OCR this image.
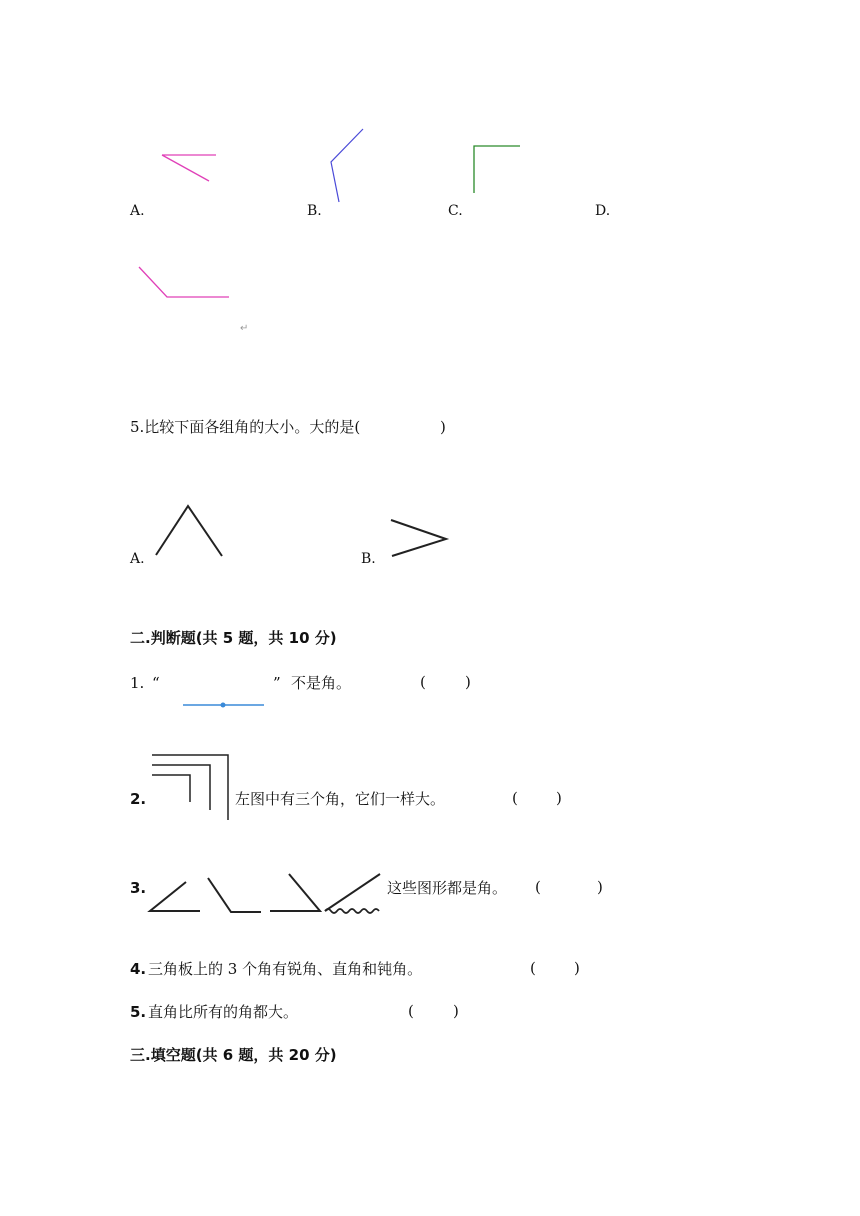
A.	B.	C.	D.
↵
5.比较下面各组角的大小。大的是(	)
A.	B.
二.判断题(共 5 题，共 10 分)
1. “	” 不是角。	(	)
2.	左图中有三个角，它们一样大。	(	)
3.	这些图形都是角。 (	)
4. 三角板上的 3 个角有锐角、直角和钝角。	(	)
5. 直角比所有的角都大。	(	)
三.填空题(共 6 题，共 20 分)
